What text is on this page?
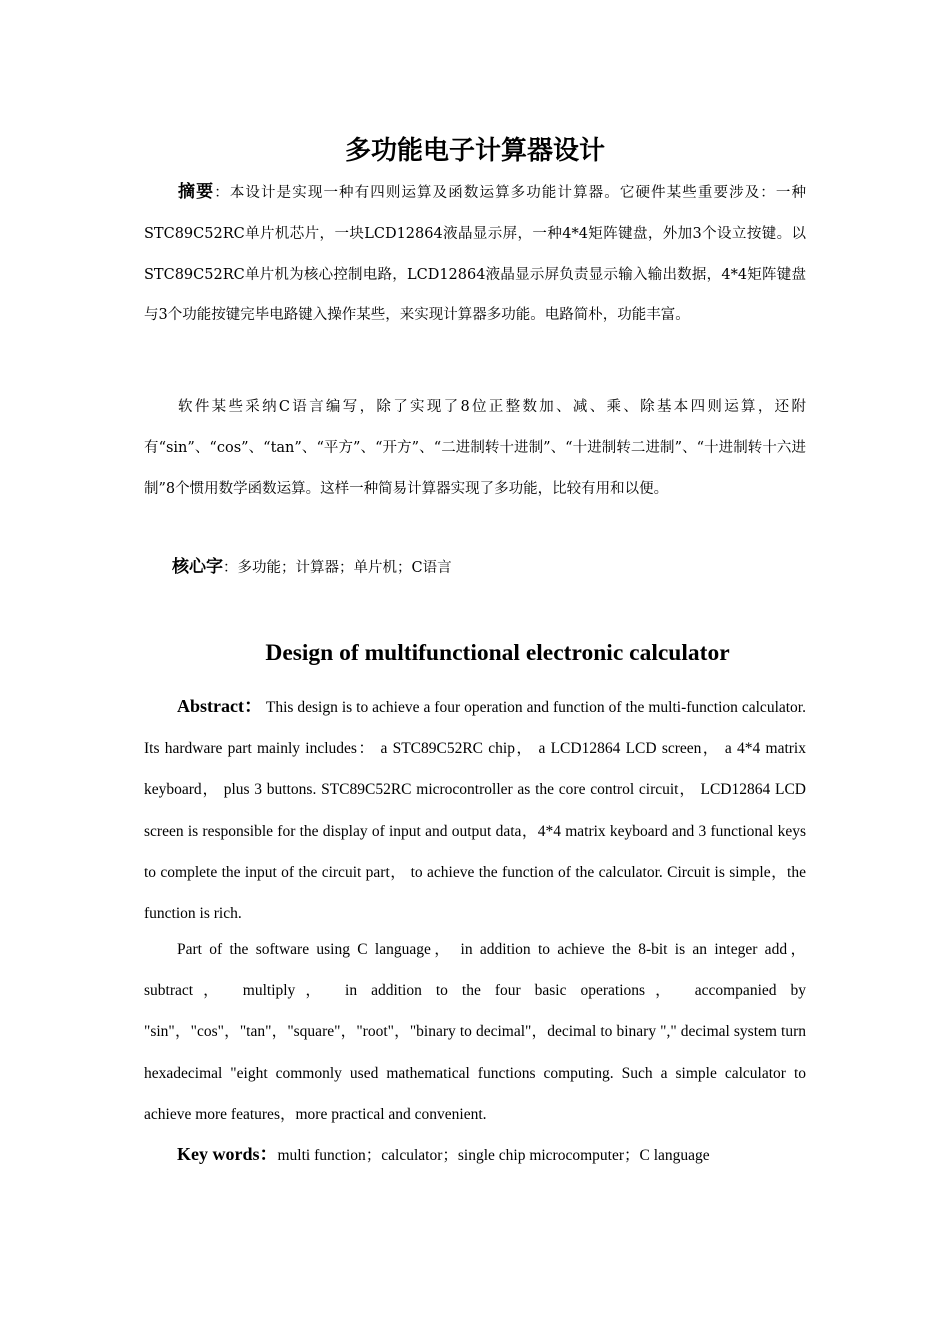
多功能电子计算器设计

摘要：本设计是实现一种有四则运算及函数运算多功能计算器。它硬件某些重要涉及：一种STC89C52RC单片机芯片，一块LCD12864液晶显示屏，一种4*4矩阵键盘，外加3个设立按键。以STC89C52RC单片机为核心控制电路，LCD12864液晶显示屏负责显示输入输出数据，4*4矩阵键盘与3个功能按键完毕电路键入操作某些，来实现计算器多功能。电路简朴，功能丰富。

软件某些采纳C语言编写，除了实现了8位正整数加、减、乘、除基本四则运算，还附有“sin”、“cos”、“tan”、“平方”、“开方”、“二进制转十进制”、“十进制转二进制”、“十进制转十六进制”8个惯用数学函数运算。这样一种简易计算器实现了多功能，比较有用和以便。

核心字：多功能；计算器；单片机；C语言

Design of multifunctional electronic calculator

Abstract： This design is to achieve a four operation and function of the multi-function calculator. Its hardware part mainly includes： a STC89C52RC chip， a LCD12864 LCD screen， a 4*4 matrix keyboard， plus 3 buttons. STC89C52RC microcontroller as the core control circuit， LCD12864 LCD screen is responsible for the display of input and output data，4*4 matrix keyboard and 3 functional keys to complete the input of the circuit part， to achieve the function of the calculator. Circuit is simple，the function is rich.

Part of the software using C language， in addition to achieve the 8-bit is an integer add， subtract， multiply， in addition to the four basic operations， accompanied by "sin"，"cos"，"tan"，"square"，"root"，"binary to decimal"，decimal to binary "," decimal system turn hexadecimal "eight commonly used mathematical functions computing. Such a simple calculator to achieve more features，more practical and convenient.

Key words：multi function；calculator；single chip microcomputer；C language
